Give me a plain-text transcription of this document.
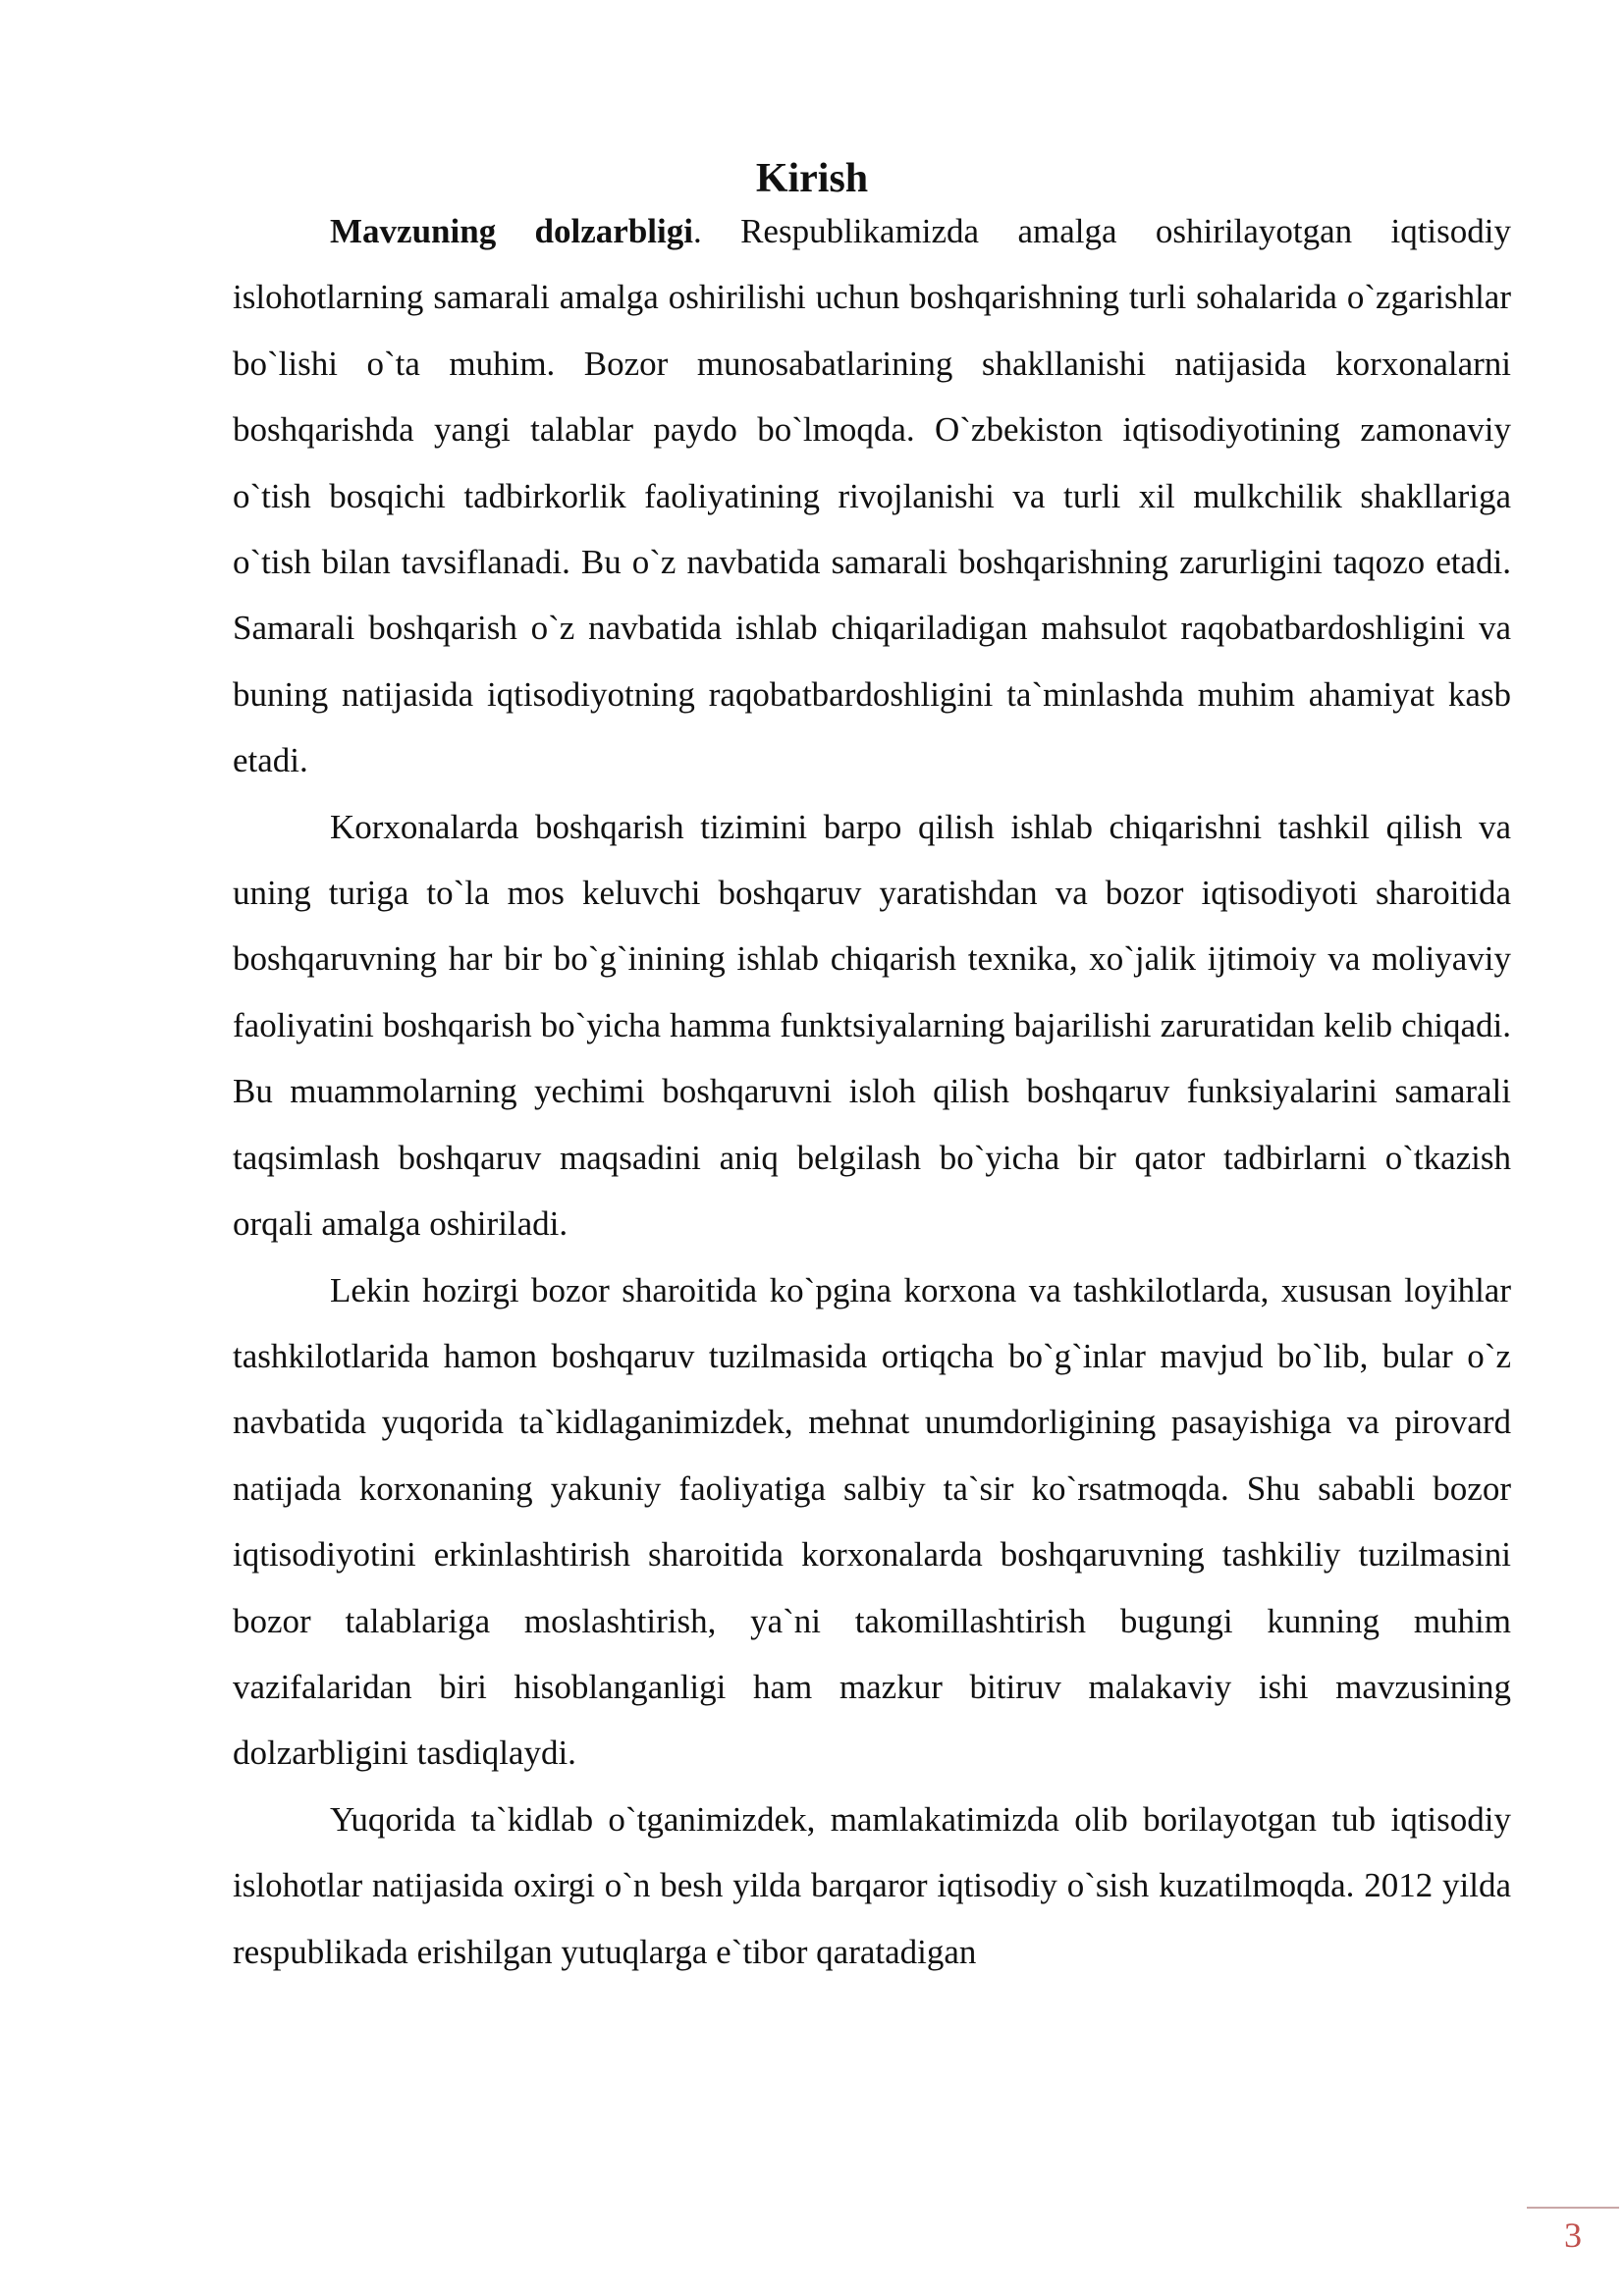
Kirish

Mavzuning dolzarbligi. Respublikamizda amalga oshirilayotgan iqtisodiy islohotlarning samarali amalga oshirilishi uchun boshqarishning turli sohalarida o`zgarishlar bo`lishi o`ta muhim. Bozor munosabatlarining shakllanishi natijasida korxonalarni boshqarishda yangi talablar paydo bo`lmoqda. O`zbekiston iqtisodiyotining zamonaviy o`tish bosqichi tadbirkorlik faoliyatining rivojlanishi va turli xil mulkchilik shakllariga o`tish bilan tavsiflanadi. Bu o`z navbatida samarali boshqarishning zarurligini taqozo etadi. Samarali boshqarish o`z navbatida ishlab chiqariladigan mahsulot raqobatbardoshligini va buning natijasida iqtisodiyotning raqobatbardoshligini ta`minlashda muhim ahamiyat kasb etadi.

Korxonalarda boshqarish tizimini barpo qilish ishlab chiqarishni tashkil qilish va uning turiga to`la mos keluvchi boshqaruv yaratishdan va bozor iqtisodiyoti sharoitida boshqaruvning har bir bo`g`inining ishlab chiqarish texnika, xo`jalik ijtimoiy va moliyaviy faoliyatini boshqarish bo`yicha hamma funktsiyalarning bajarilishi zaruratidan kelib chiqadi. Bu muammolarning yechimi boshqaruvni isloh qilish boshqaruv funksiyalarini samarali taqsimlash boshqaruv maqsadini aniq belgilash bo`yicha bir qator tadbirlarni o`tkazish orqali amalga oshiriladi.

Lekin hozirgi bozor sharoitida ko`pgina korxona va tashkilotlarda, xususan loyihlar tashkilotlarida hamon boshqaruv tuzilmasida ortiqcha bo`g`inlar mavjud bo`lib, bular o`z navbatida yuqorida ta`kidlaganimizdek, mehnat unumdorligining pasayishiga va pirovard natijada korxonaning yakuniy faoliyatiga salbiy ta`sir ko`rsatmoqda. Shu sababli bozor iqtisodiyotini erkinlashtirish sharoitida korxonalarda boshqaruvning tashkiliy tuzilmasini bozor talablariga moslashtirish, ya`ni takomillashtirish bugungi kunning muhim vazifalaridan biri hisoblanganligi ham mazkur bitiruv malakaviy ishi mavzusining dolzarbligini tasdiqlaydi.

Yuqorida ta`kidlab o`tganimizdek, mamlakatimizda olib borilayotgan tub iqtisodiy islohotlar natijasida oxirgi o`n besh yilda barqaror iqtisodiy o`sish kuzatilmoqda. 2012 yilda respublikada erishilgan yutuqlarga e`tibor qaratadigan

3
